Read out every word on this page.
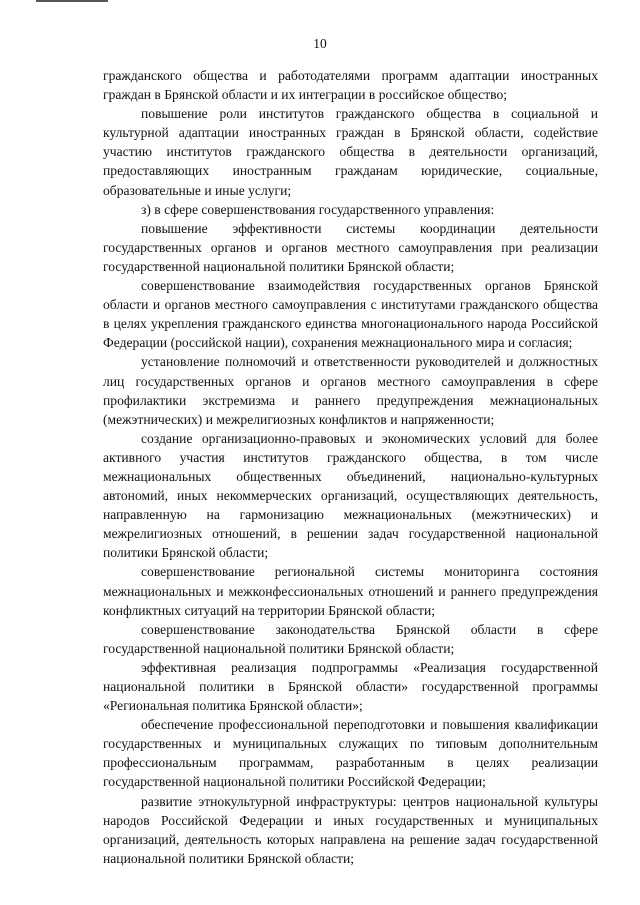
10

гражданского общества и работодателями программ адаптации иностранных граждан в Брянской области и их интеграции в российское общество;

повышение роли институтов гражданского общества в социальной и культурной адаптации иностранных граждан в Брянской области, содействие участию институтов гражданского общества в деятельности организаций, предоставляющих иностранным гражданам юридические, социальные, образовательные и иные услуги;

з) в сфере совершенствования государственного управления:

повышение эффективности системы координации деятельности государственных органов и органов местного самоуправления при реализации государственной национальной политики Брянской области;

совершенствование взаимодействия государственных органов Брянской области и органов местного самоуправления с институтами гражданского общества в целях укрепления гражданского единства многонационального народа Российской Федерации (российской нации), сохранения межнационального мира и согласия;

установление полномочий и ответственности руководителей и должностных лиц государственных органов и органов местного самоуправления в сфере профилактики экстремизма и раннего предупреждения межнациональных (межэтнических) и межрелигиозных конфликтов и напряженности;

создание организационно-правовых и экономических условий для более активного участия институтов гражданского общества, в том числе межнациональных общественных объединений, национально-культурных автономий, иных некоммерческих организаций, осуществляющих деятельность, направленную на гармонизацию межнациональных (межэтнических) и межрелигиозных отношений, в решении задач государственной национальной политики Брянской области;

совершенствование региональной системы мониторинга состояния межнациональных и межконфессиональных отношений и раннего предупреждения конфликтных ситуаций на территории Брянской области;

совершенствование законодательства Брянской области в сфере государственной национальной политики Брянской области;

эффективная реализация подпрограммы «Реализация государственной национальной политики в Брянской области» государственной программы «Региональная политика Брянской области»;

обеспечение профессиональной переподготовки и повышения квалификации государственных и муниципальных служащих по типовым дополнительным профессиональным программам, разработанным в целях реализации государственной национальной политики Российской Федерации;

развитие этнокультурной инфраструктуры: центров национальной культуры народов Российской Федерации и иных государственных и муниципальных организаций, деятельность которых направлена на решение задач государственной национальной политики Брянской области;
